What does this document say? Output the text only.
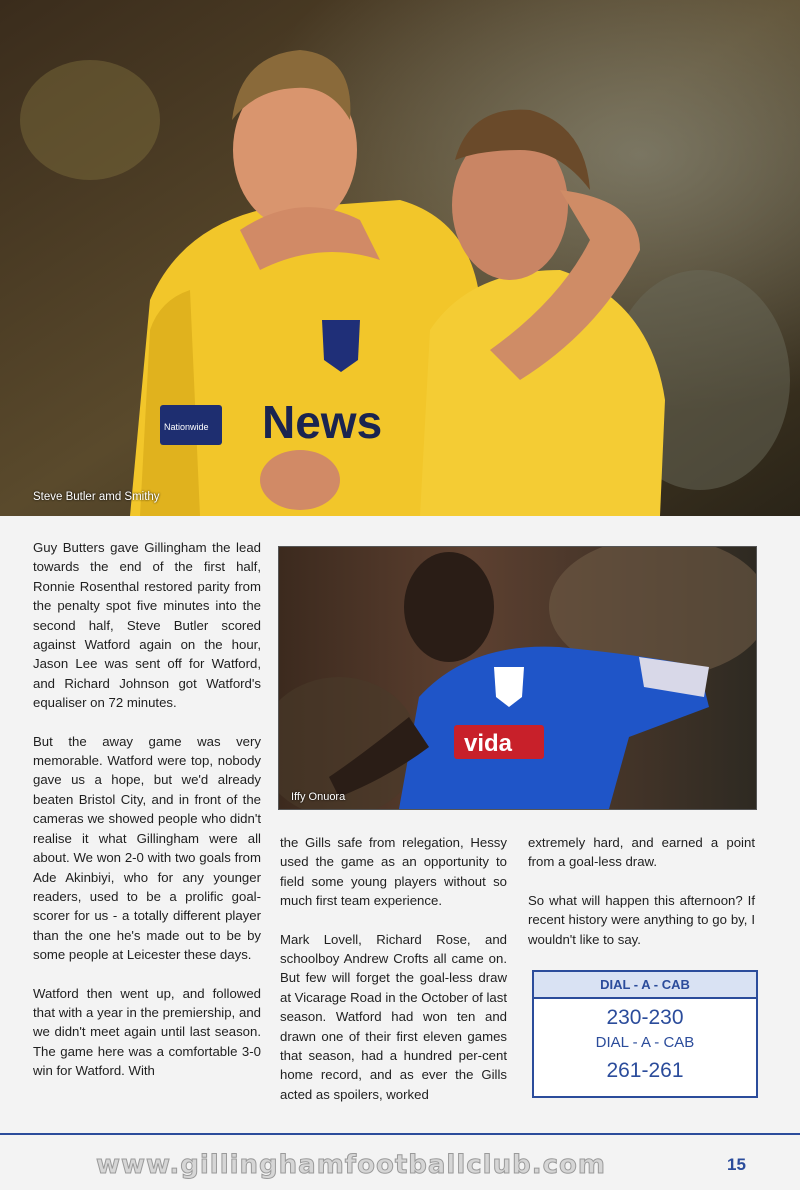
News
Nationwide
Steve Butler amd Smithy

Guy Butters gave Gillingham the lead towards the end of the first half, Ronnie Rosenthal restored parity from the penalty spot five minutes into the second half, Steve Butler scored against Watford again on the hour, Jason Lee was sent off for Watford, and Richard Johnson got Watford's equaliser on 72 minutes.

But the away game was very memorable. Watford were top, nobody gave us a hope, but we'd already beaten Bristol City, and in front of the cameras we showed people who didn't realise it what Gillingham were all about. We won 2-0 with two goals from Ade Akinbiyi, who for any younger readers, used to be a prolific goal-scorer for us - a totally different player than the one he's made out to be by some people at Leicester these days.

Watford then went up, and followed that with a year in the premiership, and we didn't meet again until last season. The game here was a comfortable 3-0 win for Watford. With

vida
Iffy Onuora

the Gills safe from relegation, Hessy used the game as an opportunity to field some young players without so much first team experience.

Mark Lovell, Richard Rose, and schoolboy Andrew Crofts all came on. But few will forget the goal-less draw at Vicarage Road in the October of last season. Watford had won ten and drawn one of their first eleven games that season, had a hundred per-cent home record, and as ever the Gills acted as spoilers, worked

extremely hard, and earned a point from a goal-less draw.

So what will happen this afternoon? If recent history were anything to go by, I wouldn't like to say.

DIAL - A - CAB
230-230
DIAL - A - CAB
261-261
www.gillinghamfootballclub.com	15
